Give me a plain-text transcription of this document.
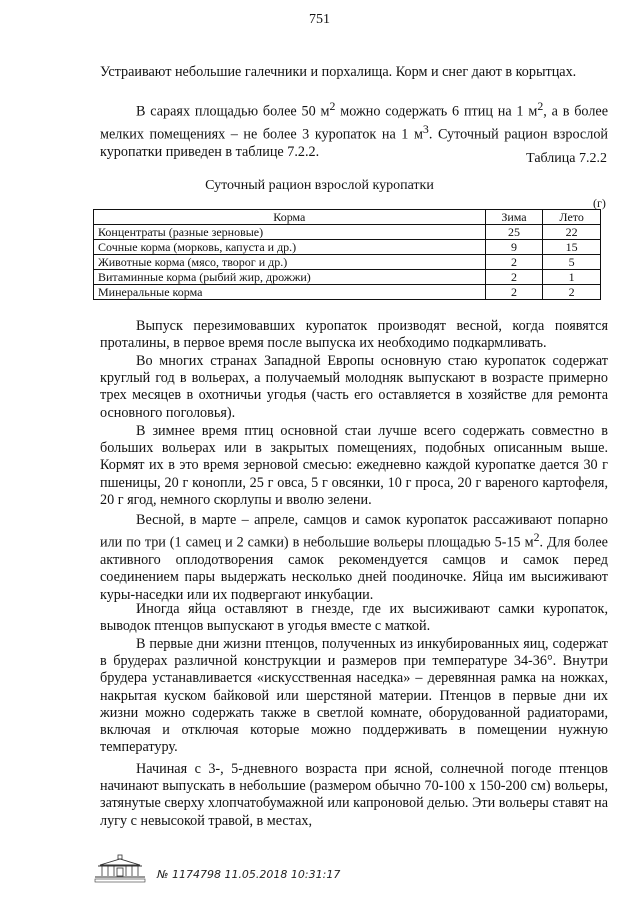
751

Устраивают небольшие галечники и порхалища. Корм и снег дают в корытцах.

В сараях площадью более 50 $м^2$ можно содержать 6 птиц на 1 $м^2$, а в более мелких помещениях – не более 3 куропаток на 1 $м^3$. Суточный рацион взрослой куропатки приведен в таблице 7.2.2.	Таблица 7.2.2
Суточный рацион взрослой куропатки
(г)
Корма	Зима	Лето
Концентраты (разные зерновые)	25	22
Сочные корма (морковь, капуста и др.)	9	15
Животные корма (мясо, творог и др.)	2	5
Витаминные корма (рыбий жир, дрожжи)	2	1
Минеральные корма	2	2

Выпуск перезимовавших куропаток производят весной, когда появятся проталины, в первое время после выпуска их необходимо подкармливать.

Во многих странах Западной Европы основную стаю куропаток содержат круглый год в вольерах, а получаемый молодняк выпускают в возрасте примерно трех месяцев в охотничьи угодья (часть его оставляется в хозяйстве для ремонта основного поголовья).

В зимнее время птиц основной стаи лучше всего содержать совместно в больших вольерах или в закрытых помещениях, подобных описанным выше. Кормят их в это время зерновой смесью: ежедневно каждой куропатке дается 30 г пшеницы, 20 г конопли, 25 г овса, 5 г овсянки, 10 г проса, 20 г вареного картофеля, 20 г ягод, немного скорлупы и вволю зелени.

Весной, в марте – апреле, самцов и самок куропаток рассаживают попарно или по три (1 самец и 2 самки) в небольшие вольеры площадью 5-15 $м^2$. Для более активного оплодотворения самок рекомендуется самцов и самок перед соединением пары выдержать несколько дней поодиночке. Яйца им высиживают куры-наседки или их подвергают инкубации.

Иногда яйца оставляют в гнезде, где их высиживают самки куропаток, выводок птенцов выпускают в угодья вместе с маткой.

В первые дни жизни птенцов, полученных из инкубированных яиц, содержат в брудерах различной конструкции и размеров при температуре 34-36°. Внутри брудера устанавливается «искусственная наседка» – деревянная рамка на ножках, накрытая куском байковой или шерстяной материи. Птенцов в первые дни их жизни можно содержать также в светлой комнате, оборудованной радиаторами, включая и отключая которые можно поддерживать в помещении нужную температуру.

Начиная с 3-, 5-дневного возраста при ясной, солнечной погоде птенцов начинают выпускать в небольшие (размером обычно 70-100 х 150-200 см) вольеры, затянутые сверху хлопчатобумажной или капроновой делью. Эти вольеры ставят на лугу с невысокой травой, в местах,

№ 1174798 11.05.2018 10:31:17
